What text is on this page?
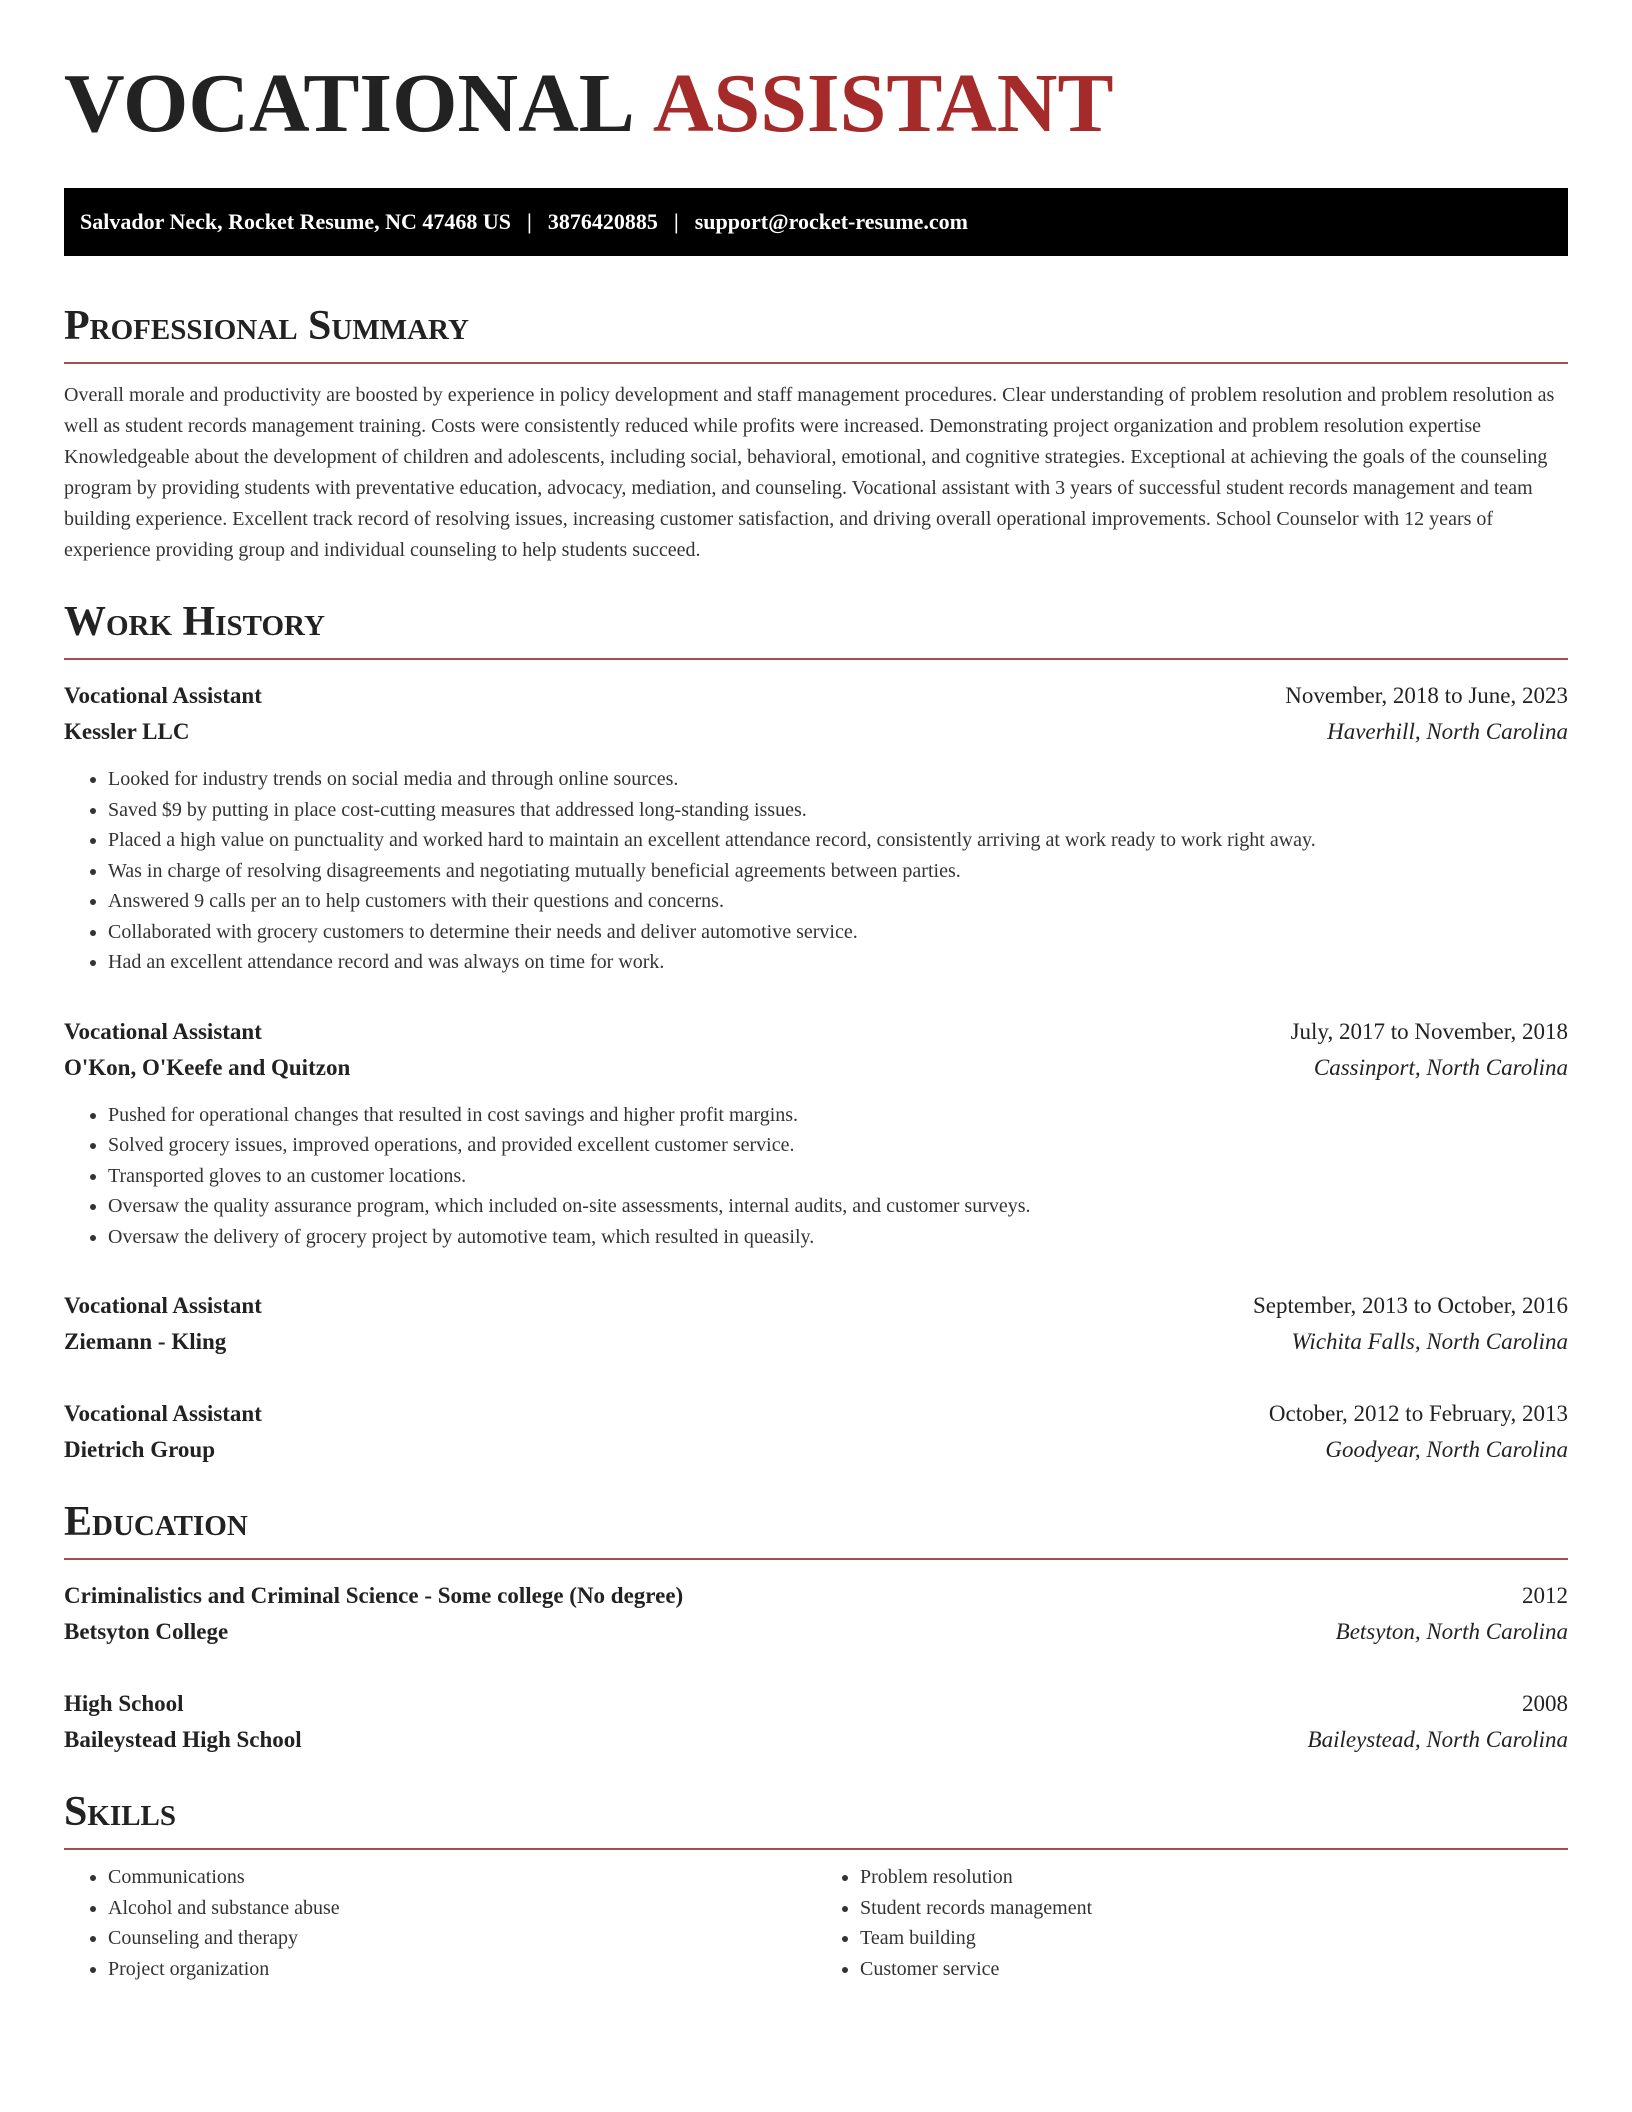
VOCATIONAL ASSISTANT
Salvador Neck, Rocket Resume, NC 47468 US | 3876420885 | support@rocket-resume.com
Professional Summary

Overall morale and productivity are boosted by experience in policy development and staff management procedures. Clear understanding of problem resolution and problem resolution as well as student records management training. Costs were consistently reduced while profits were increased. Demonstrating project organization and problem resolution expertise Knowledgeable about the development of children and adolescents, including social, behavioral, emotional, and cognitive strategies. Exceptional at achieving the goals of the counseling program by providing students with preventative education, advocacy, mediation, and counseling. Vocational assistant with 3 years of successful student records management and team building experience. Excellent track record of resolving issues, increasing customer satisfaction, and driving overall operational improvements. School Counselor with 12 years of experience providing group and individual counseling to help students succeed.

Work History
Vocational Assistant	November, 2018 to June, 2023
Kessler LLC	Haverhill, North Carolina
• Looked for industry trends on social media and through online sources.
• Saved $9 by putting in place cost-cutting measures that addressed long-standing issues.
• Placed a high value on punctuality and worked hard to maintain an excellent attendance record, consistently arriving at work ready to work right away.
• Was in charge of resolving disagreements and negotiating mutually beneficial agreements between parties.
• Answered 9 calls per an to help customers with their questions and concerns.
• Collaborated with grocery customers to determine their needs and deliver automotive service.
• Had an excellent attendance record and was always on time for work.
Vocational Assistant	July, 2017 to November, 2018
O'Kon, O'Keefe and Quitzon	Cassinport, North Carolina
• Pushed for operational changes that resulted in cost savings and higher profit margins.
• Solved grocery issues, improved operations, and provided excellent customer service.
• Transported gloves to an customer locations.
• Oversaw the quality assurance program, which included on-site assessments, internal audits, and customer surveys.
• Oversaw the delivery of grocery project by automotive team, which resulted in queasily.
Vocational Assistant	September, 2013 to October, 2016
Ziemann - Kling	Wichita Falls, North Carolina
Vocational Assistant	October, 2012 to February, 2013
Dietrich Group	Goodyear, North Carolina
Education
Criminalistics and Criminal Science - Some college (No degree)	2012
Betsyton College	Betsyton, North Carolina
High School	2008
Baileystead High School	Baileystead, North Carolina
Skills
• Communications
• Alcohol and substance abuse
• Counseling and therapy
• Project organization
• Problem resolution
• Student records management
• Team building
• Customer service
